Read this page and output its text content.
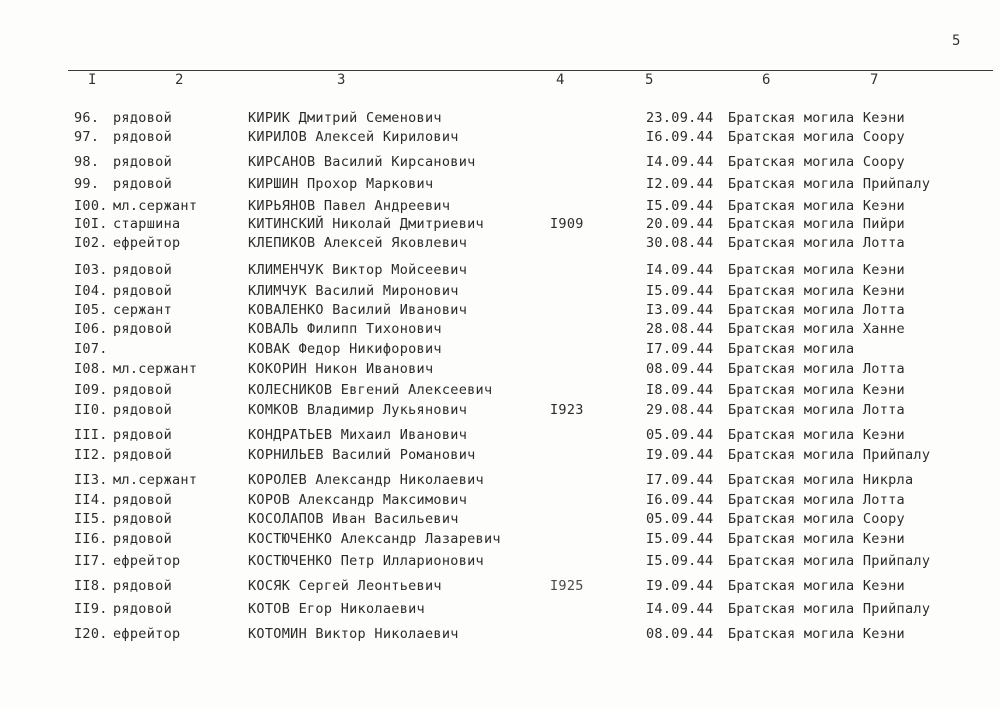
5
I	2	3	4	5	6	7
96. рядовой	КИРИК Дмитрий Семенович	23.09.44 Братская могила Кеэни
97. рядовой	КИРИЛОВ Алексей Кирилович	I6.09.44 Братская могила Соору
98. рядовой	КИРСАНОВ Василий Кирсанович	I4.09.44 Братская могила Соору
99. рядовой	КИРШИН Прохор Маркович	I2.09.44 Братская могила Прийпалу
I00. мл.сержант	КИРЬЯНОВ Павел Андреевич	I5.09.44 Братская могила Кеэни
I0I. старшина	КИТИНСКИЙ Николай Дмитриевич	I909	20.09.44 Братская могила Пийри
I02. ефрейтор	КЛЕПИКОВ Алексей Яковлевич	30.08.44 Братская могила Лотта
I03. рядовой	КЛИМЕНЧУК Виктор Мойсеевич	I4.09.44 Братская могила Кеэни
I04. рядовой	КЛИМЧУК Василий Миронович	I5.09.44 Братская могила Кеэни
I05. сержант	КОВАЛЕНКО Василий Иванович	I3.09.44 Братская могила Лотта
I06. рядовой	КОВАЛЬ Филипп Тихонович	28.08.44 Братская могила Ханне
I07.	КОВАК Федор Никифорович	I7.09.44 Братская могила
I08. мл.сержант	КОКОРИН Никон Иванович	08.09.44 Братская могила Лотта
I09. рядовой	КОЛЕСНИКОВ Евгений Алексеевич	I8.09.44 Братская могила Кеэни
II0. рядовой	КОМКОВ Владимир Лукьянович	I923	29.08.44 Братская могила Лотта
III. рядовой	КОНДРАТЬЕВ Михаил Иванович	05.09.44 Братская могила Кеэни
II2. рядовой	КОРНИЛЬЕВ Василий Романович	I9.09.44 Братская могила Прийпалу
II3. мл.сержант	КОРОЛЕВ Александр Николаевич	I7.09.44 Братская могила Никрла
II4. рядовой	КОРОВ Александр Максимович	I6.09.44 Братская могила Лотта
II5. рядовой	КОСОЛАПОВ Иван Васильевич	05.09.44 Братская могила Соору
II6. рядовой	КОСТЮЧЕНКО Александр Лазаревич	I5.09.44 Братская могила Кеэни
II7. ефрейтор	КОСТЮЧЕНКО Петр Илларионович	I5.09.44 Братская могила Прийпалу
II8. рядовой	КОСЯК Сергей Леонтьевич	I925	I9.09.44 Братская могила Кеэни
II9. рядовой	КОТОВ Егор Николаевич	I4.09.44 Братская могила Прийпалу
I20. ефрейтор	КОТОМИН Виктор Николаевич	08.09.44 Братская могила Кеэни
